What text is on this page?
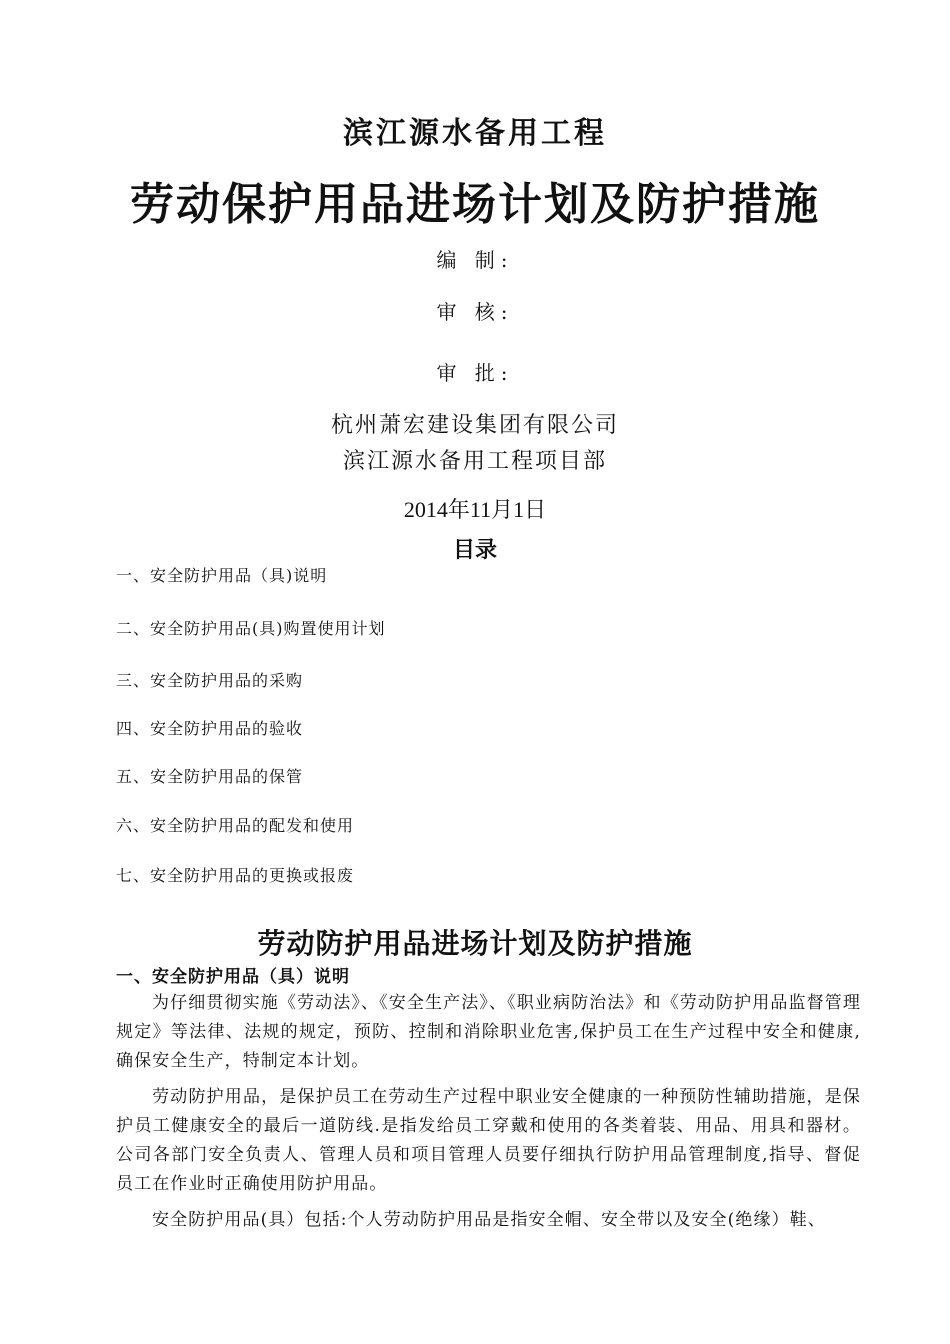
滨江源水备用工程
劳动保护用品进场计划及防护措施
编 制:
审 核:
审 批:
杭州萧宏建设集团有限公司
滨江源水备用工程项目部
2014年11月1日
目录
一、安全防护用品（具)说明
二、安全防护用品(具)购置使用计划
三、安全防护用品的采购
四、安全防护用品的验收
五、安全防护用品的保管
六、安全防护用品的配发和使用
七、安全防护用品的更换或报废
劳动防护用品进场计划及防护措施
一、安全防护用品（具）说明

为仔细贯彻实施《劳动法》、《安全生产法》、《职业病防治法》和《劳动防护用品监督管理规定》等法律、法规的规定，预防、控制和消除职业危害,保护员工在生产过程中安全和健康,确保安全生产，特制定本计划。

劳动防护用品，是保护员工在劳动生产过程中职业安全健康的一种预防性辅助措施，是保护员工健康安全的最后一道防线.是指发给员工穿戴和使用的各类着装、用品、用具和器材。公司各部门安全负责人、管理人员和项目管理人员要仔细执行防护用品管理制度,指导、督促员工在作业时正确使用防护用品。

安全防护用品(具）包括:个人劳动防护用品是指安全帽、安全带以及安全(绝缘）鞋、
